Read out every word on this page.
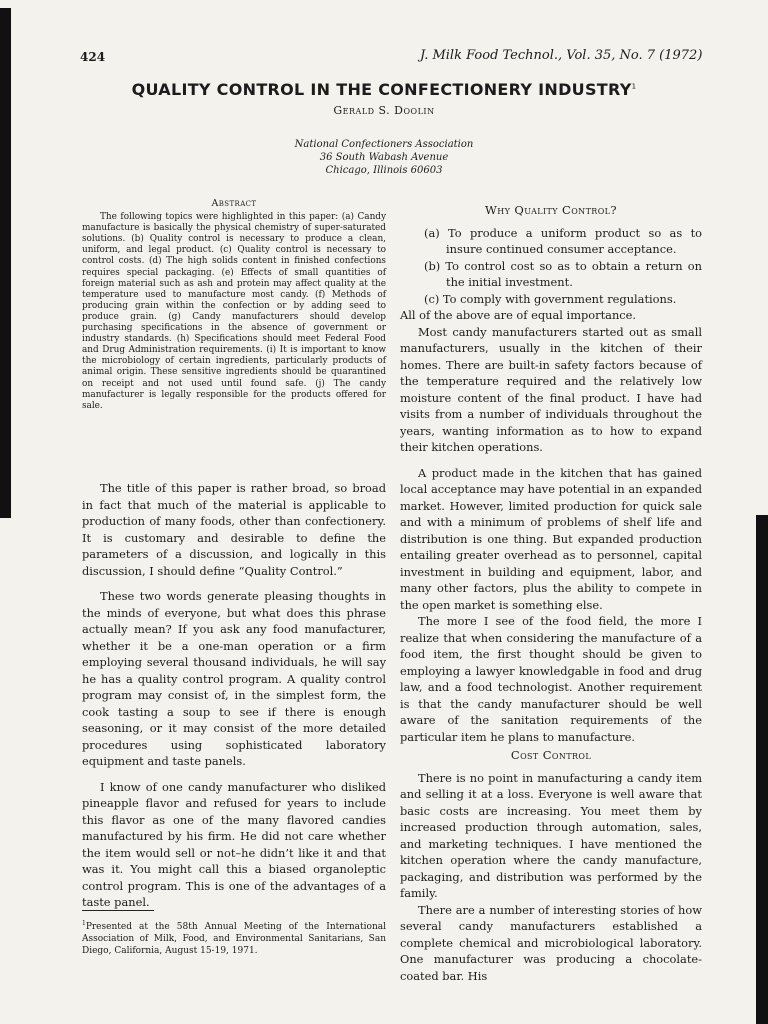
424	J. Milk Food Technol., Vol. 35, No. 7 (1972)
QUALITY CONTROL IN THE CONFECTIONERY INDUSTRY$^1$
Gerald S. Doolin
National Confectioners Association
36 South Wabash Avenue
Chicago, Illinois 60603
Abstract

The following topics were highlighted in this paper: (a) Candy manufacture is basically the physical chemistry of super-saturated solutions. (b) Quality control is necessary to produce a clean, uniform, and legal product. (c) Quality control is necessary to control costs. (d) The high solids content in finished confections requires special packaging. (e) Effects of small quantities of foreign material such as ash and protein may affect quality at the temperature used to manufacture most candy. (f) Methods of producing grain within the confection or by adding seed to produce grain. (g) Candy manufacturers should develop purchasing specifications in the absence of government or industry standards. (h) Specifications should meet Federal Food and Drug Administration requirements. (i) It is important to know the microbiology of certain ingredients, particularly products of animal origin. These sensitive ingredients should be quarantined on receipt and not used until found safe. (j) The candy manufacturer is legally responsible for the products offered for sale.

The title of this paper is rather broad, so broad in fact that much of the material is applicable to production of many foods, other than confectionery. It is customary and desirable to define the parameters of a discussion, and logically in this discussion, I should define “Quality Control.”

These two words generate pleasing thoughts in the minds of everyone, but what does this phrase actually mean? If you ask any food manufacturer, whether it be a one-man operation or a firm employing several thousand individuals, he will say he has a quality control program. A quality control program may consist of, in the simplest form, the cook tasting a soup to see if there is enough seasoning, or it may consist of the more detailed procedures using sophisticated laboratory equipment and taste panels.

I know of one candy manufacturer who disliked pineapple flavor and refused for years to include this flavor as one of the many flavored candies manufactured by his firm. He did not care whether the item would sell or not–he didn’t like it and that was it. You might call this a biased organoleptic control program. This is one of the advantages of a taste panel.

Why Quality Control?

(a) To produce a uniform product so as to insure continued consumer acceptance.

(b) To control cost so as to obtain a return on the initial investment.

(c) To comply with government regulations.

All of the above are of equal importance.

Most candy manufacturers started out as small manufacturers, usually in the kitchen of their homes. There are built-in safety factors because of the temperature required and the relatively low moisture content of the final product. I have had visits from a number of individuals throughout the years, wanting information as to how to expand their kitchen operations.

A product made in the kitchen that has gained local acceptance may have potential in an expanded market. However, limited production for quick sale and with a minimum of problems of shelf life and distribution is one thing. But expanded production entailing greater overhead as to personnel, capital investment in building and equipment, labor, and many other factors, plus the ability to compete in the open market is something else.

The more I see of the food field, the more I realize that when considering the manufacture of a food item, the first thought should be given to employing a lawyer knowledgable in food and drug law, and a food technologist. Another requirement is that the candy manufacturer should be well aware of the sanitation requirements of the particular item he plans to manufacture.

Cost Control

There is no point in manufacturing a candy item and selling it at a loss. Everyone is well aware that basic costs are increasing. You meet them by increased production through automation, sales, and marketing techniques. I have mentioned the kitchen operation where the candy manufacture, packaging, and distribution was performed by the family.

There are a number of interesting stories of how several candy manufacturers established a complete chemical and microbiological laboratory. One manufacturer was producing a chocolate-coated bar. His

$^1$Presented at the 58th Annual Meeting of the International Association of Milk, Food, and Environmental Sanitarians, San Diego, California, August 15-19, 1971.
